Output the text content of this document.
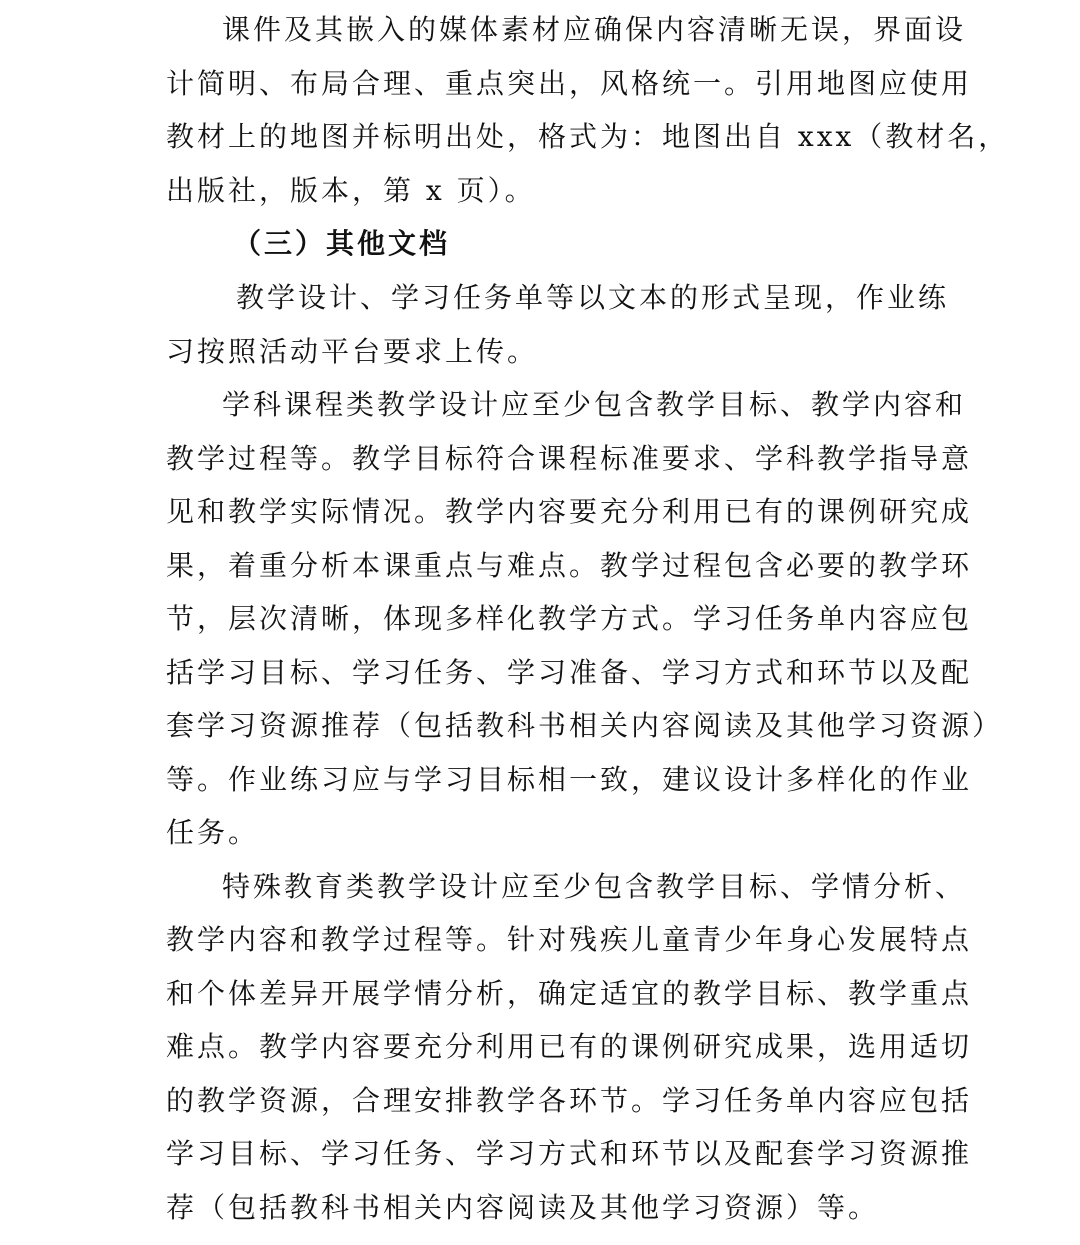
课件及其嵌入的媒体素材应确保内容清晰无误，界面设
计简明、布局合理、重点突出，风格统一。引用地图应使用
教材上的地图并标明出处，格式为：地图出自 xxx（教材名，
出版社，版本，第 x 页）。
（三）其他文档
教学设计、学习任务单等以文本的形式呈现，作业练
习按照活动平台要求上传。
学科课程类教学设计应至少包含教学目标、教学内容和
教学过程等。教学目标符合课程标准要求、学科教学指导意
见和教学实际情况。教学内容要充分利用已有的课例研究成
果，着重分析本课重点与难点。教学过程包含必要的教学环
节，层次清晰，体现多样化教学方式。学习任务单内容应包
括学习目标、学习任务、学习准备、学习方式和环节以及配
套学习资源推荐（包括教科书相关内容阅读及其他学习资源）
等。作业练习应与学习目标相一致，建议设计多样化的作业
任务。
特殊教育类教学设计应至少包含教学目标、学情分析、
教学内容和教学过程等。针对残疾儿童青少年身心发展特点
和个体差异开展学情分析，确定适宜的教学目标、教学重点
难点。教学内容要充分利用已有的课例研究成果，选用适切
的教学资源，合理安排教学各环节。学习任务单内容应包括
学习目标、学习任务、学习方式和环节以及配套学习资源推
荐（包括教科书相关内容阅读及其他学习资源）等。
